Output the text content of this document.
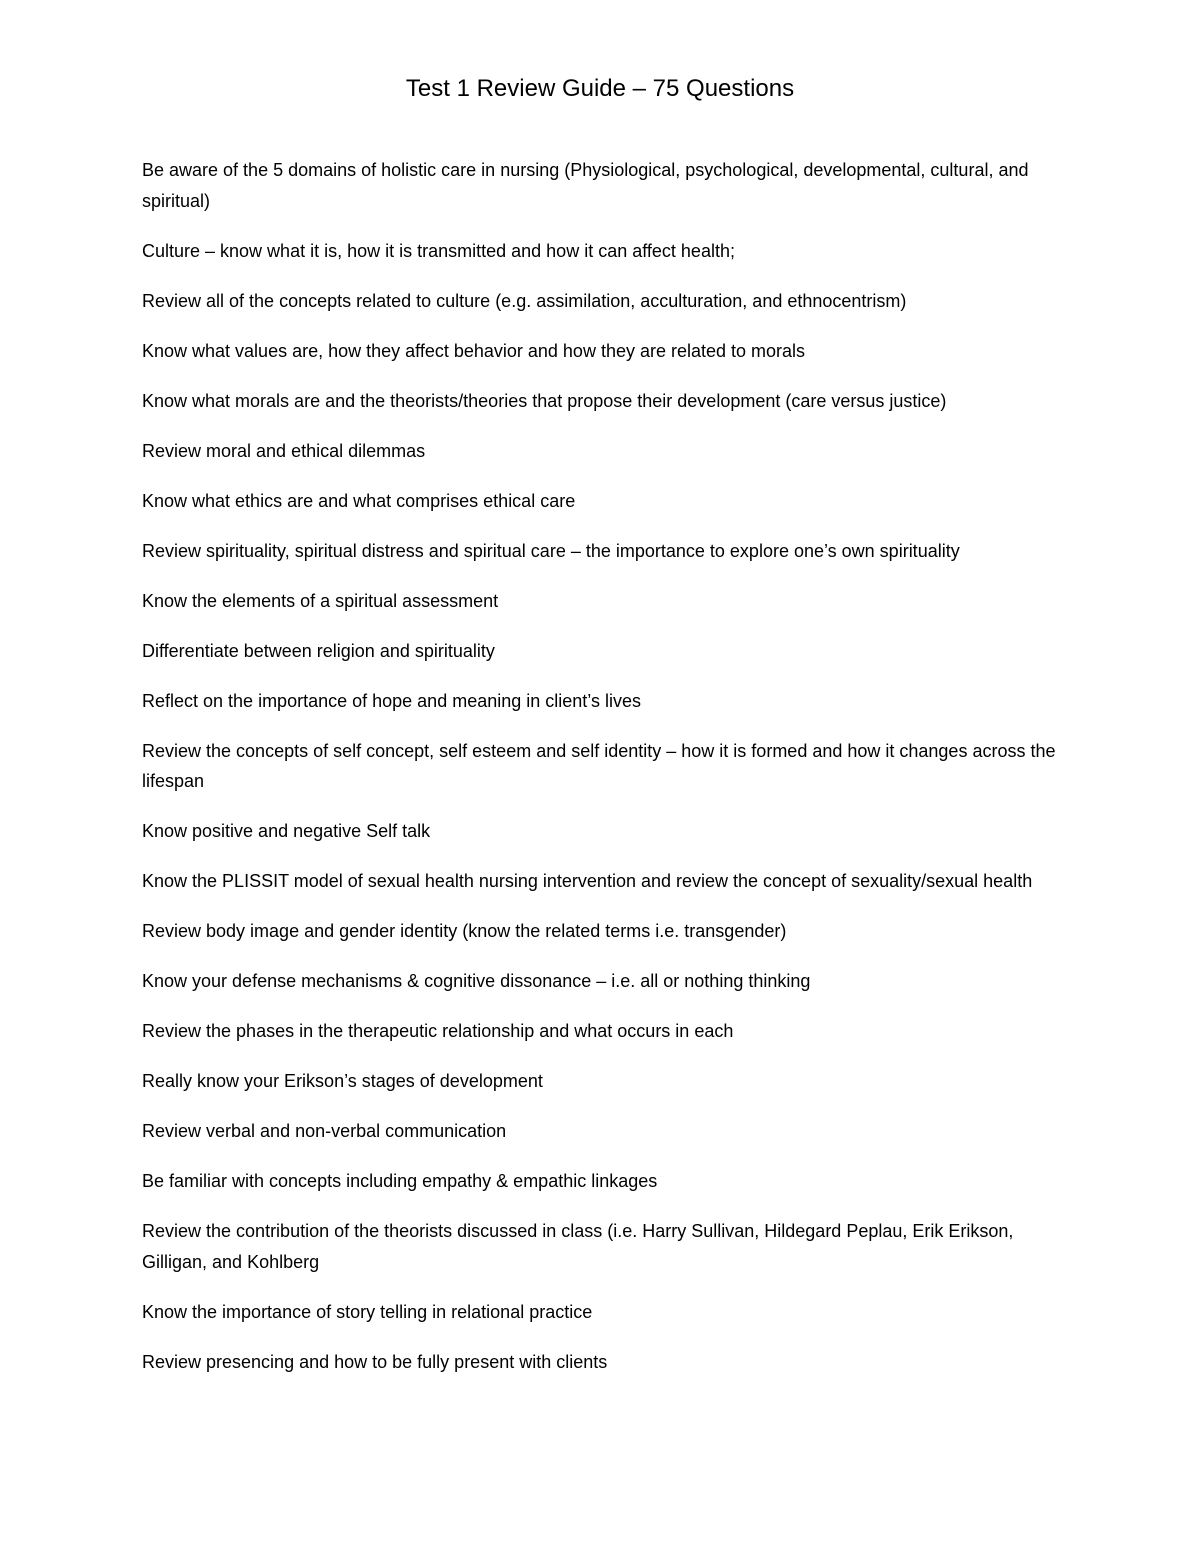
Test 1 Review Guide – 75 Questions
Be aware of the 5 domains of holistic care in nursing (Physiological, psychological, developmental, cultural, and spiritual)
Culture – know what it is, how it is transmitted and how it can affect health;
Review all of the concepts related to culture (e.g. assimilation, acculturation, and ethnocentrism)
Know what values are, how they affect behavior and how they are related to morals
Know what morals are and the theorists/theories that propose their development (care versus justice)
Review moral and ethical dilemmas
Know what ethics are and what comprises ethical care
Review spirituality, spiritual distress and spiritual care – the importance to explore one’s own spirituality
Know the elements of a spiritual assessment
Differentiate between religion and spirituality
Reflect on the importance of hope and meaning in client’s lives
Review the concepts of self concept, self esteem and self identity – how it is formed and how it changes across the lifespan
Know positive and negative Self talk
Know the PLISSIT model of sexual health nursing intervention and review the concept of sexuality/sexual health
Review body image and gender identity (know the related terms i.e. transgender)
Know your defense mechanisms & cognitive dissonance – i.e. all or nothing thinking
Review the phases in the therapeutic relationship and what occurs in each
Really know your Erikson’s stages of development
Review verbal and non-verbal communication
Be familiar with concepts including empathy & empathic linkages
Review the contribution of the theorists discussed in class (i.e. Harry Sullivan, Hildegard Peplau, Erik Erikson, Gilligan, and Kohlberg
Know the importance of story telling in relational practice
Review presencing and how to be fully present with clients
